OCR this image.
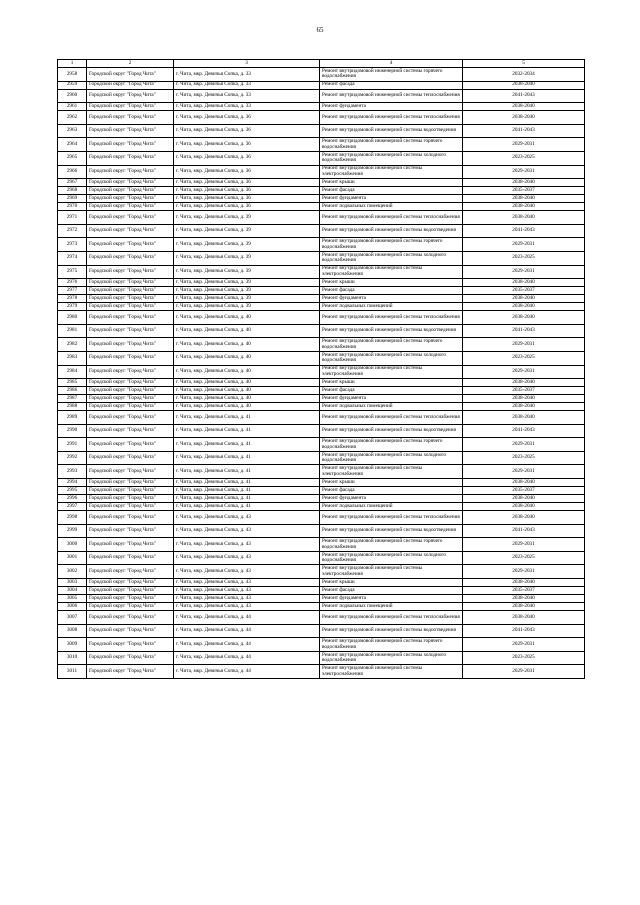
65
1	2	3	4	5
2958	Городской округ "Город Чита"	г. Чита, мкр. Девичья Сопка, д. 33	Ремонт внутридомовой инженерной системы горячего водоснабжения	2032-2034
2959	Городской округ "Город Чита"	г. Чита, мкр. Девичья Сопка, д. 33	Ремонт фасада	2038-2040
2960	Городской округ "Город Чита"	г. Чита, мкр. Девичья Сопка, д. 33	Ремонт внутридомовой инженерной системы теплоснабжения	2041-2043
2961	Городской округ "Город Чита"	г. Чита, мкр. Девичья Сопка, д. 33	Ремонт фундамента	2038-2040
2962	Городской округ "Город Чита"	г. Чита, мкр. Девичья Сопка, д. 36	Ремонт внутридомовой инженерной системы теплоснабжения	2038-2040
2963	Городской округ "Город Чита"	г. Чита, мкр. Девичья Сопка, д. 36	Ремонт внутридомовой инженерной системы водоотведения	2041-2043
2964	Городской округ "Город Чита"	г. Чита, мкр. Девичья Сопка, д. 36	Ремонт внутридомовой инженерной системы горячего водоснабжения	2029-2031
2965	Городской округ "Город Чита"	г. Чита, мкр. Девичья Сопка, д. 36	Ремонт внутридомовой инженерной системы холодного водоснабжения	2023-2025
2966	Городской округ "Город Чита"	г. Чита, мкр. Девичья Сопка, д. 36	Ремонт внутридомовой инженерной системы электроснабжения	2029-2031
2967	Городской округ "Город Чита"	г. Чита, мкр. Девичья Сопка, д. 36	Ремонт крыши	2038-2040
2968	Городской округ "Город Чита"	г. Чита, мкр. Девичья Сопка, д. 36	Ремонт фасада	2035-2037
2969	Городской округ "Город Чита"	г. Чита, мкр. Девичья Сопка, д. 36	Ремонт фундамента	2038-2040
2970	Городской округ "Город Чита"	г. Чита, мкр. Девичья Сопка, д. 36	Ремонт подвальных помещений	2038-2040
2971	Городской округ "Город Чита"	г. Чита, мкр. Девичья Сопка, д. 39	Ремонт внутридомовой инженерной системы теплоснабжения	2038-2040
2972	Городской округ "Город Чита"	г. Чита, мкр. Девичья Сопка, д. 39	Ремонт внутридомовой инженерной системы водоотведения	2041-2043
2973	Городской округ "Город Чита"	г. Чита, мкр. Девичья Сопка, д. 39	Ремонт внутридомовой инженерной системы горячего водоснабжения	2029-2031
2974	Городской округ "Город Чита"	г. Чита, мкр. Девичья Сопка, д. 39	Ремонт внутридомовой инженерной системы холодного водоснабжения	2023-2025
2975	Городской округ "Город Чита"	г. Чита, мкр. Девичья Сопка, д. 39	Ремонт внутридомовой инженерной системы электроснабжения	2029-2031
2976	Городской округ "Город Чита"	г. Чита, мкр. Девичья Сопка, д. 39	Ремонт крыши	2038-2040
2977	Городской округ "Город Чита"	г. Чита, мкр. Девичья Сопка, д. 39	Ремонт фасада	2035-2037
2978	Городской округ "Город Чита"	г. Чита, мкр. Девичья Сопка, д. 39	Ремонт фундамента	2038-2040
2979	Городской округ "Город Чита"	г. Чита, мкр. Девичья Сопка, д. 39	Ремонт подвальных помещений	2038-2040
2980	Городской округ "Город Чита"	г. Чита, мкр. Девичья Сопка, д. 40	Ремонт внутридомовой инженерной системы теплоснабжения	2038-2040
2981	Городской округ "Город Чита"	г. Чита, мкр. Девичья Сопка, д. 40	Ремонт внутридомовой инженерной системы водоотведения	2041-2043
2982	Городской округ "Город Чита"	г. Чита, мкр. Девичья Сопка, д. 40	Ремонт внутридомовой инженерной системы горячего водоснабжения	2029-2031
2983	Городской округ "Город Чита"	г. Чита, мкр. Девичья Сопка, д. 40	Ремонт внутридомовой инженерной системы холодного водоснабжения	2023-2025
2984	Городской округ "Город Чита"	г. Чита, мкр. Девичья Сопка, д. 40	Ремонт внутридомовой инженерной системы электроснабжения	2029-2031
2985	Городской округ "Город Чита"	г. Чита, мкр. Девичья Сопка, д. 40	Ремонт крыши	2038-2040
2986	Городской округ "Город Чита"	г. Чита, мкр. Девичья Сопка, д. 40	Ремонт фасада	2035-2037
2987	Городской округ "Город Чита"	г. Чита, мкр. Девичья Сопка, д. 40	Ремонт фундамента	2038-2040
2988	Городской округ "Город Чита"	г. Чита, мкр. Девичья Сопка, д. 40	Ремонт подвальных помещений	2038-2040
2989	Городской округ "Город Чита"	г. Чита, мкр. Девичья Сопка, д. 41	Ремонт внутридомовой инженерной системы теплоснабжения	2038-2040
2990	Городской округ "Город Чита"	г. Чита, мкр. Девичья Сопка, д. 41	Ремонт внутридомовой инженерной системы водоотведения	2041-2043
2991	Городской округ "Город Чита"	г. Чита, мкр. Девичья Сопка, д. 41	Ремонт внутридомовой инженерной системы горячего водоснабжения	2029-2031
2992	Городской округ "Город Чита"	г. Чита, мкр. Девичья Сопка, д. 41	Ремонт внутридомовой инженерной системы холодного водоснабжения	2023-2025
2993	Городской округ "Город Чита"	г. Чита, мкр. Девичья Сопка, д. 41	Ремонт внутридомовой инженерной системы электроснабжения	2029-2031
2994	Городской округ "Город Чита"	г. Чита, мкр. Девичья Сопка, д. 41	Ремонт крыши	2038-2040
2995	Городской округ "Город Чита"	г. Чита, мкр. Девичья Сопка, д. 41	Ремонт фасада	2035-2037
2996	Городской округ "Город Чита"	г. Чита, мкр. Девичья Сопка, д. 41	Ремонт фундамента	2038-2040
2997	Городской округ "Город Чита"	г. Чита, мкр. Девичья Сопка, д. 41	Ремонт подвальных помещений	2038-2040
2998	Городской округ "Город Чита"	г. Чита, мкр. Девичья Сопка, д. 43	Ремонт внутридомовой инженерной системы теплоснабжения	2038-2040
2999	Городской округ "Город Чита"	г. Чита, мкр. Девичья Сопка, д. 43	Ремонт внутридомовой инженерной системы водоотведения	2041-2043
3000	Городской округ "Город Чита"	г. Чита, мкр. Девичья Сопка, д. 43	Ремонт внутридомовой инженерной системы горячего водоснабжения	2029-2031
3001	Городской округ "Город Чита"	г. Чита, мкр. Девичья Сопка, д. 43	Ремонт внутридомовой инженерной системы холодного водоснабжения	2023-2025
3002	Городской округ "Город Чита"	г. Чита, мкр. Девичья Сопка, д. 43	Ремонт внутридомовой инженерной системы электроснабжения	2029-2031
3003	Городской округ "Город Чита"	г. Чита, мкр. Девичья Сопка, д. 43	Ремонт крыши	2038-2040
3004	Городской округ "Город Чита"	г. Чита, мкр. Девичья Сопка, д. 43	Ремонт фасада	2035-2037
3005	Городской округ "Город Чита"	г. Чита, мкр. Девичья Сопка, д. 43	Ремонт фундамента	2038-2040
3006	Городской округ "Город Чита"	г. Чита, мкр. Девичья Сопка, д. 43	Ремонт подвальных помещений	2038-2040
3007	Городской округ "Город Чита"	г. Чита, мкр. Девичья Сопка, д. 44	Ремонт внутридомовой инженерной системы теплоснабжения	2038-2040
3008	Городской округ "Город Чита"	г. Чита, мкр. Девичья Сопка, д. 44	Ремонт внутридомовой инженерной системы водоотведения	2041-2043
3009	Городской округ "Город Чита"	г. Чита, мкр. Девичья Сопка, д. 44	Ремонт внутридомовой инженерной системы горячего водоснабжения	2029-2031
3010	Городской округ "Город Чита"	г. Чита, мкр. Девичья Сопка, д. 44	Ремонт внутридомовой инженерной системы холодного водоснабжения	2023-2025
3011	Городской округ "Город Чита"	г. Чита, мкр. Девичья Сопка, д. 44	Ремонт внутридомовой инженерной системы электроснабжения	2029-2031
